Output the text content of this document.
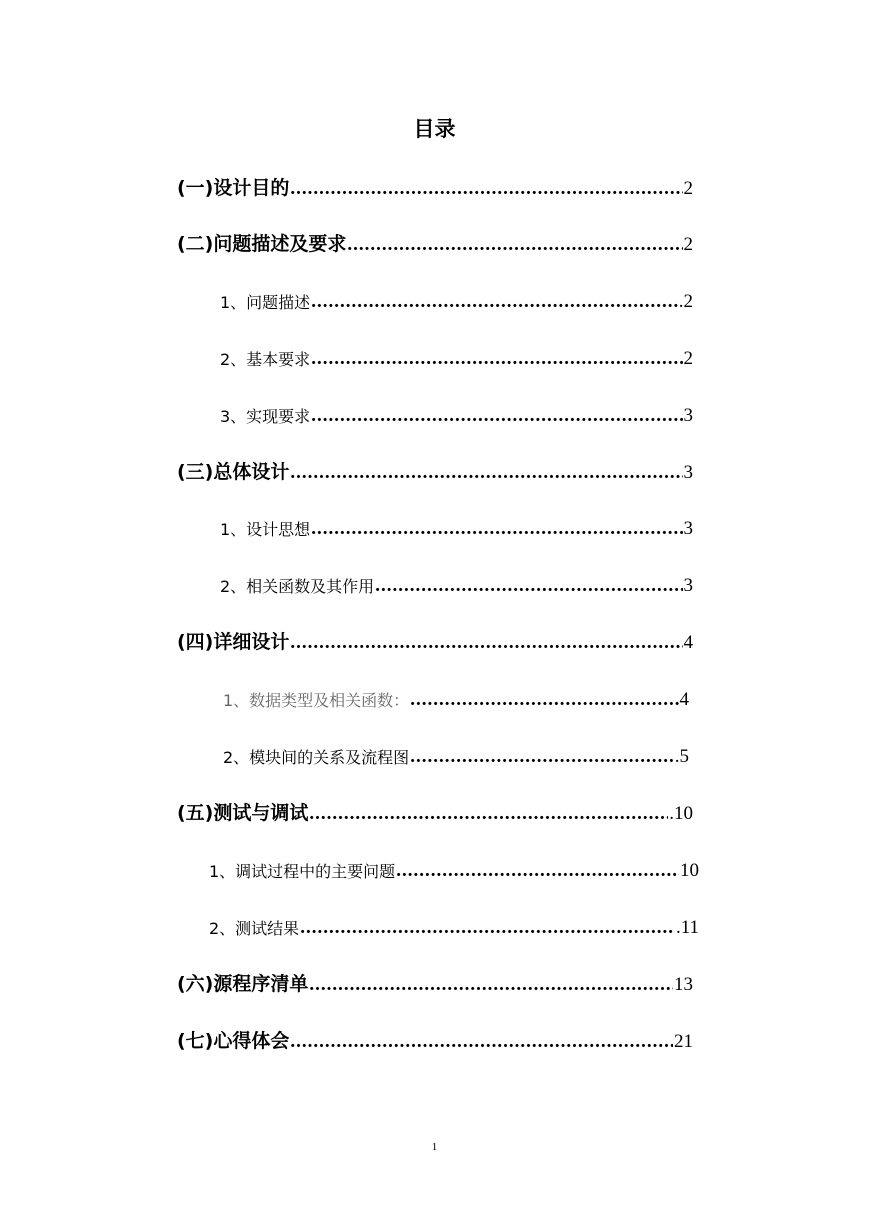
目录
(一)设计目的 .....	2
(二)问题描述及要求 .....	2
1、问题描述 .....	.2
2、基本要求 .....	2
3、实现要求 .....	3
(三)总体设计 .....	3
1、设计思想 .....	3
2、相关函数及其作用 .....	3
(四)详细设计 .....	4
1、数据类型及相关函数： .....	4
2、模块间的关系及流程图 .....	.5
(五)测试与调试 .....	.10
1、调试过程中的主要问题 .....	10
2、测试结果 .....	.11
(六)源程序清单 .....	13
(七)心得体会 .....	21
1
